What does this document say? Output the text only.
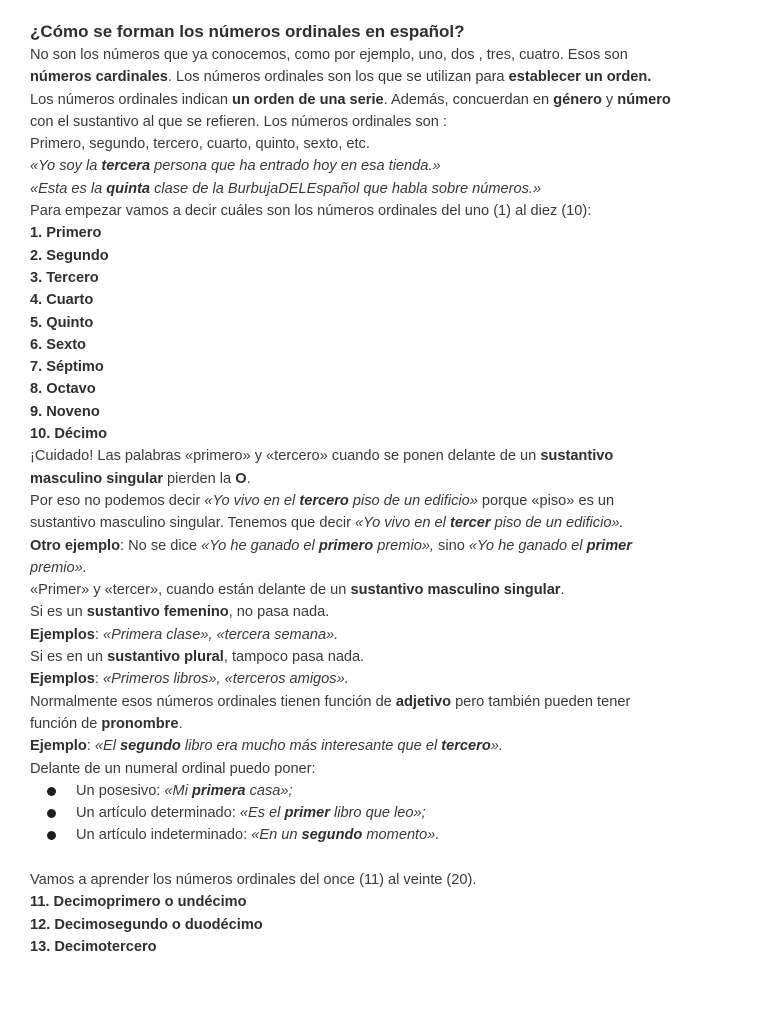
¿Cómo se forman los números ordinales en español?
No son los números que ya conocemos, como por ejemplo, uno, dos , tres, cuatro. Esos son
números cardinales. Los números ordinales son los que se utilizan para establecer un orden.
Los números ordinales indican un orden de una serie. Además, concuerdan en género y número
con el sustantivo al que se refieren. Los números ordinales son :
Primero, segundo, tercero, cuarto, quinto, sexto, etc.
«Yo soy la tercera persona que ha entrado hoy en esa tienda.»
«Esta es la quinta clase de la BurbujaDELEspañol que habla sobre números.»
Para empezar vamos a decir cuáles son los números ordinales del uno (1) al diez (10):
1. Primero
2. Segundo
3. Tercero
4. Cuarto
5. Quinto
6. Sexto
7. Séptimo
8. Octavo
9. Noveno
10. Décimo
¡Cuidado! Las palabras «primero» y «tercero» cuando se ponen delante de un sustantivo
masculino singular pierden la O.
Por eso no podemos decir «Yo vivo en el tercero piso de un edificio» porque «piso» es un
sustantivo masculino singular. Tenemos que decir «Yo vivo en el tercer piso de un edificio».
Otro ejemplo: No se dice «Yo he ganado el primero premio», sino «Yo he ganado el primer
premio».
«Primer» y «tercer», cuando están delante de un sustantivo masculino singular.
Si es un sustantivo femenino, no pasa nada.
Ejemplos: «Primera clase», «tercera semana».
Si es en un sustantivo plural, tampoco pasa nada.
Ejemplos: «Primeros libros», «terceros amigos».
Normalmente esos números ordinales tienen función de adjetivo pero también pueden tener
función de pronombre.
Ejemplo: «El segundo libro era mucho más interesante que el tercero».
Delante de un numeral ordinal puedo poner:
Un posesivo: «Mi primera casa»;
Un artículo determinado: «Es el primer libro que leo»;
Un artículo indeterminado: «En un segundo momento».
Vamos a aprender los números ordinales del once (11) al veinte (20).
11. Decimoprimero o undécimo
12. Decimosegundo o duodécimo
13. Decimotercero
